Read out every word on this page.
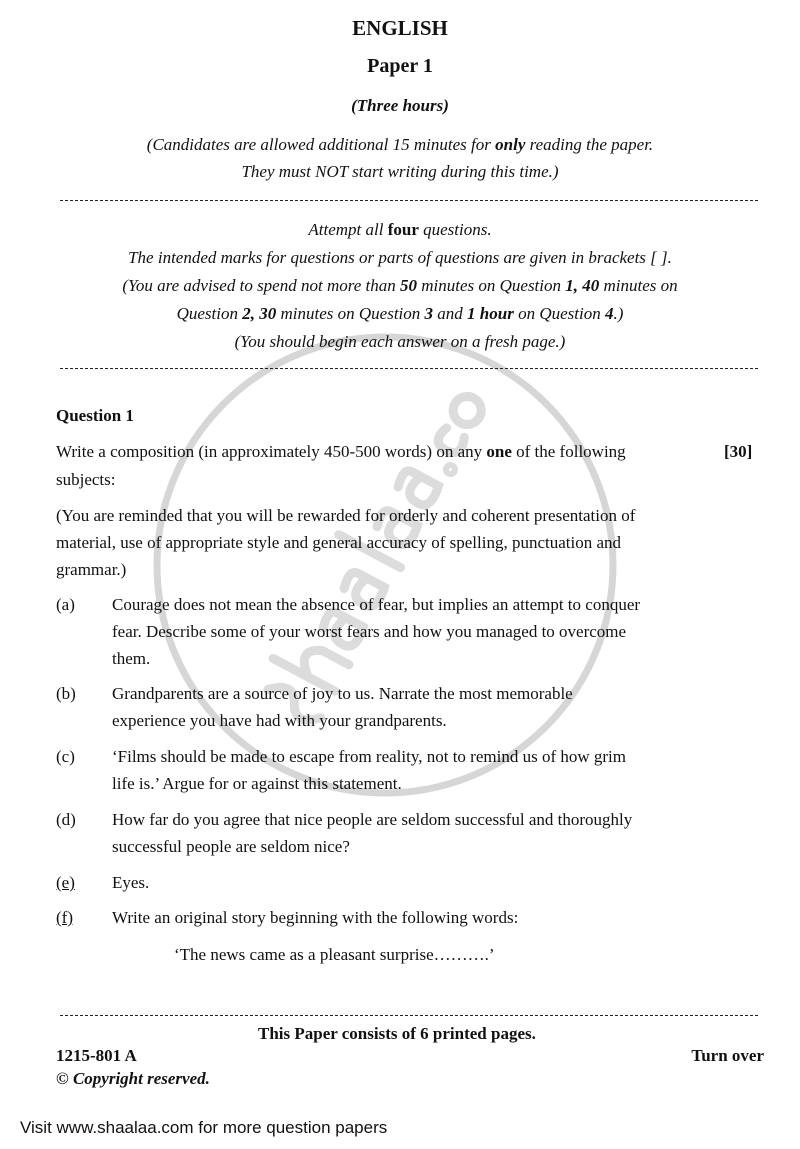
ENGLISH
Paper 1
(Three hours)
(Candidates are allowed additional 15 minutes for only reading the paper.
They must NOT start writing during this time.)
Attempt all four questions.
The intended marks for questions or parts of questions are given in brackets [ ].
(You are advised to spend not more than 50 minutes on Question 1, 40 minutes on
Question 2, 30 minutes on Question 3 and 1 hour on Question 4.)
(You should begin each answer on a fresh page.)
Question 1
Write a composition (in approximately 450-500 words) on any one of the following	[30]
subjects:
(You are reminded that you will be rewarded for orderly and coherent presentation of
material, use of appropriate style and general accuracy of spelling, punctuation and
grammar.)
(a) Courage does not mean the absence of fear, but implies an attempt to conquer
fear. Describe some of your worst fears and how you managed to overcome
them.
(b) Grandparents are a source of joy to us. Narrate the most memorable
experience you have had with your grandparents.
(c) ‘Films should be made to escape from reality, not to remind us of how grim
life is.’ Argue for or against this statement.
(d) How far do you agree that nice people are seldom successful and thoroughly
successful people are seldom nice?
(e) Eyes.
(f) Write an original story beginning with the following words:
‘The news came as a pleasant surprise……….’
This Paper consists of 6 printed pages.
1215-801 A	Turn over
© Copyright reserved.
Visit www.shaalaa.com for more question papers
